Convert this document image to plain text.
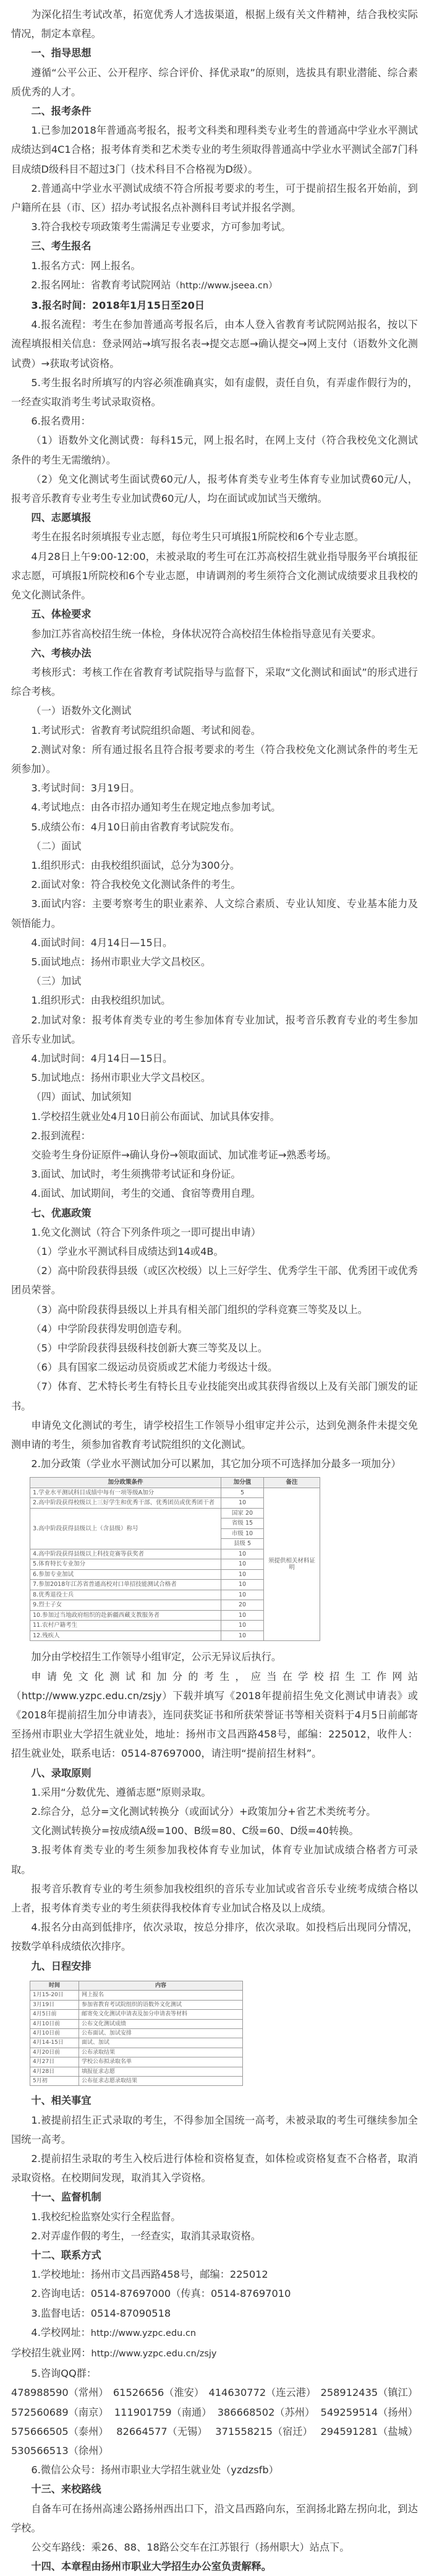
为深化招生考试改革，拓宽优秀人才选拔渠道，根据上级有关文件精神，结合我校实际情况，制定本章程。

一、指导思想

遵循“公平公正、公开程序、综合评价、择优录取”的原则，选拔具有职业潜能、综合素质优秀的人才。

二、报考条件

1.已参加2018年普通高考报名，报考文科类和理科类专业考生的普通高中学业水平测试成绩达到4C1合格；报考体育类和艺术类专业的考生须取得普通高中学业水平测试全部7门科目成绩D级科目不超过3门（技术科目不合格视为D级）。

2.普通高中学业水平测试成绩不符合所报考要求的考生，可于提前招生报名开始前，到户籍所在县（市、区）招办考试报名点补测科目考试并报名学测。

3.符合我校专项政策考生需满足专业要求，方可参加考试。

三、考生报名

1.报名方式：网上报名。

2.报名网址：省教育考试院网站（http://www.jseea.cn）

3.报名时间：2018年1月15日至20日

4.报名流程：考生在参加普通高考报名后，由本人登入省教育考试院网站报名，按以下流程填报相关信息：登录网站→填写报名表→提交志愿→确认提交→网上支付（语数外文化测试费）→获取考试资格。

5.考生报名时所填写的内容必须准确真实，如有虚假，责任自负，有弄虚作假行为的，一经查实取消考生考试录取资格。

6.报名费用：

（1）语数外文化测试费：每科15元，网上报名时，在网上支付（符合我校免文化测试条件的考生无需缴纳）。

（2）免文化测试考生面试费60元/人，报考体育类专业考生体育专业加试费60元/人，报考音乐教育专业考生专业加试费60元/人，均在面试或加试当天缴纳。

四、志愿填报

考生在报名时须填报专业志愿，每位考生只可填报1所院校和6个专业志愿。

4月28日上午9:00-12:00，未被录取的考生可在江苏高校招生就业指导服务平台填报征求志愿，可填报1所院校和6个专业志愿，申请调剂的考生须符合文化测试成绩要求且我校的免文化测试条件。

五、体检要求

参加江苏省高校招生统一体检，身体状况符合高校招生体检指导意见有关要求。

六、考核办法

考核形式：考核工作在省教育考试院指导与监督下，采取“文化测试和面试”的形式进行综合考核。

（一）语数外文化测试

1.考试形式：省教育考试院组织命题、考试和阅卷。

2.测试对象：所有通过报名且符合报考要求的考生（符合我校免文化测试条件的考生无须参加）。

3.考试时间：3月19日。

4.考试地点：由各市招办通知考生在规定地点参加考试。

5.成绩公布：4月10日前由省教育考试院发布。

（二）面试

1.组织形式：由我校组织面试，总分为300分。

2.面试对象：符合我校免文化测试条件的考生。

3.面试内容：主要考察考生的职业素养、人文综合素质、专业认知度、专业基本能力及领悟能力。

4.面试时间：4月14日—15日。

5.面试地点：扬州市职业大学文昌校区。

（三）加试

1.组织形式：由我校组织加试。

2.加试对象：报考体育类专业的考生参加体育专业加试，报考音乐教育专业的考生参加音乐专业加试。

4.加试时间：4月14日—15日。

5.加试地点：扬州市职业大学文昌校区。

（四）面试、加试须知

1.学校招生就业处4月10日前公布面试、加试具体安排。

2.报到流程：

交验考生身份证原件→确认身份→领取面试、加试准考证→熟悉考场。

3.面试、加试时，考生须携带考试证和身份证。

4.面试、加试期间，考生的交通、食宿等费用自理。

七、优惠政策

1.免文化测试（符合下列条件项之一即可提出申请）

（1）学业水平测试科目成绩达到14或4B。

（2）高中阶段获得县级（或区次校级）以上三好学生、优秀学生干部、优秀团干或优秀团员荣誉。

（3）高中阶段获得县级以上并具有相关部门组织的学科竞赛三等奖及以上。

（4）中学阶段获得发明创造专利。

（5）中学阶段获得县级科技创新大赛三等奖及以上。

（6）具有国家二级运动员资质或艺术能力考级达十级。

（7）体育、艺术特长考生有特长且专业技能突出或其获得省级以上及有关部门颁发的证书。

申请免文化测试的考生，请学校招生工作领导小组审定并公示，达到免测条件未提交免测申请的考生，须参加省教育考试院组织的文化测试。

2.加分政策（学业水平测试加分可以累加，其它加分项不可选择加分最多一项加分）

加分政策条件	加分值	备注
1.学业水平测试科目成绩中每有一项等级A加分	5	须提供相关材料证明
2.高中阶段获得校级以上三好学生和优秀干部、优秀团员或优秀团干者	10	
3.高中阶段获得县级以上（含县级）称号	国家 20	
	省级 15	
	市级 10	
	县级 5	
4.高中阶段获得县级以上科技竞赛等获奖者	10	
5.体育特长专业加分	10	
6.参加专业加试	10	
7.参加2018年江苏省普通高校对口单招技能测试合格者	10	
8.优秀退役士兵	10	
9.烈士子女	20	
10.参加过当地政府组织的赴新疆西藏支教服务者	10	
11.农村户籍考生	10	
12.残疾人	10	

加分由学校招生工作领导小组审定，公示无异议后执行。

申请免文化测试和加分的考生，应当在学校招生工作网站（http://www.yzpc.edu.cn/zsjy）下载并填写《2018年提前招生免文化测试申请表》或《2018年提前招生加分申请表》，连同获奖证书和所获荣誉证书等相关资料于4月5日前邮寄至扬州市职业大学招生就业处，地址：扬州市文昌西路458号，邮编：225012，收件人：招生就业处，联系电话：0514-87697000，请注明“提前招生材料”。

八、录取原则

1.采用“分数优先、遵循志愿”原则录取。

2.综合分，总分=文化测试转换分（或面试分）+政策加分+省艺术类统考分。

文化测试转换分=按成绩A级=100、B级=80、C级=60、D级=40转换。

3.报考体育类专业的考生须参加我校体育专业加试，体育专业加试成绩合格者方可录取。

报考音乐教育专业的考生须参加我校组织的音乐专业加试或省音乐专业统考成绩合格以上者，报考体育类专业的考生须获得我校体育专业加试合格及以上成绩。

4.报名分由高到低排序，依次录取，按总分排序，依次录取。如投档后出现同分情况，按数学单科成绩依次排序。

九、日程安排

时间	内容
1月15-20日	网上报名
3月19日	参加省教育考试院组织的语数外文化测试
4月5日前	邮寄免文化测试申请表及加分申请表等材料
4月10日前	公布文化测试成绩
4月10日前	公布面试、加试安排
4月14-15日	面试、加试
4月20日前	公布录取结果
4月27日	学校公布拟录取名单
4月28日	填报征求志愿
5月初	公布征求志愿录取结果

十、相关事宜

1.被提前招生正式录取的考生，不得参加全国统一高考，未被录取的考生可继续参加全国统一高考。

2.提前招生录取的考生入校后进行体检和资格复查，如体检或资格复查不合格者，取消录取资格。在校期间发现，取消其入学资格。

十一、监督机制

1.我校纪检监察处实行全程监督。

2.对弄虚作假的考生，一经查实，取消其录取资格。

十二、联系方式

1.学校地址：扬州市文昌西路458号，邮编：225012

2.咨询电话：0514-87697000（传真：0514-87697010

3.监督电话：0514-87090518

4.学校网址：http://www.yzpc.edu.cn

学校招生就业网：http://www.yzpc.edu.cn/zsjy

5.咨询QQ群：

478988590（常州） 61526656（淮安） 414630772（连云港） 258912435（镇江）
572560689（南京） 111901759（南通） 386668502（苏州） 549259514（扬州）
575666505（泰州） 82664577（无锡） 371558215（宿迁） 294591281（盐城）
530566513（徐州）

6.微信公众号：扬州市职业大学招生就业处（yzdzsfb）

十三、来校路线

自备车可在扬州高速公路扬州西出口下，沿文昌西路向东，至润扬北路左拐向北，到达学校。

公交车路线：乘26、88、18路公交车在江苏银行（扬州职大）站点下。

十四、本章程由扬州市职业大学招生办公室负责解释。
